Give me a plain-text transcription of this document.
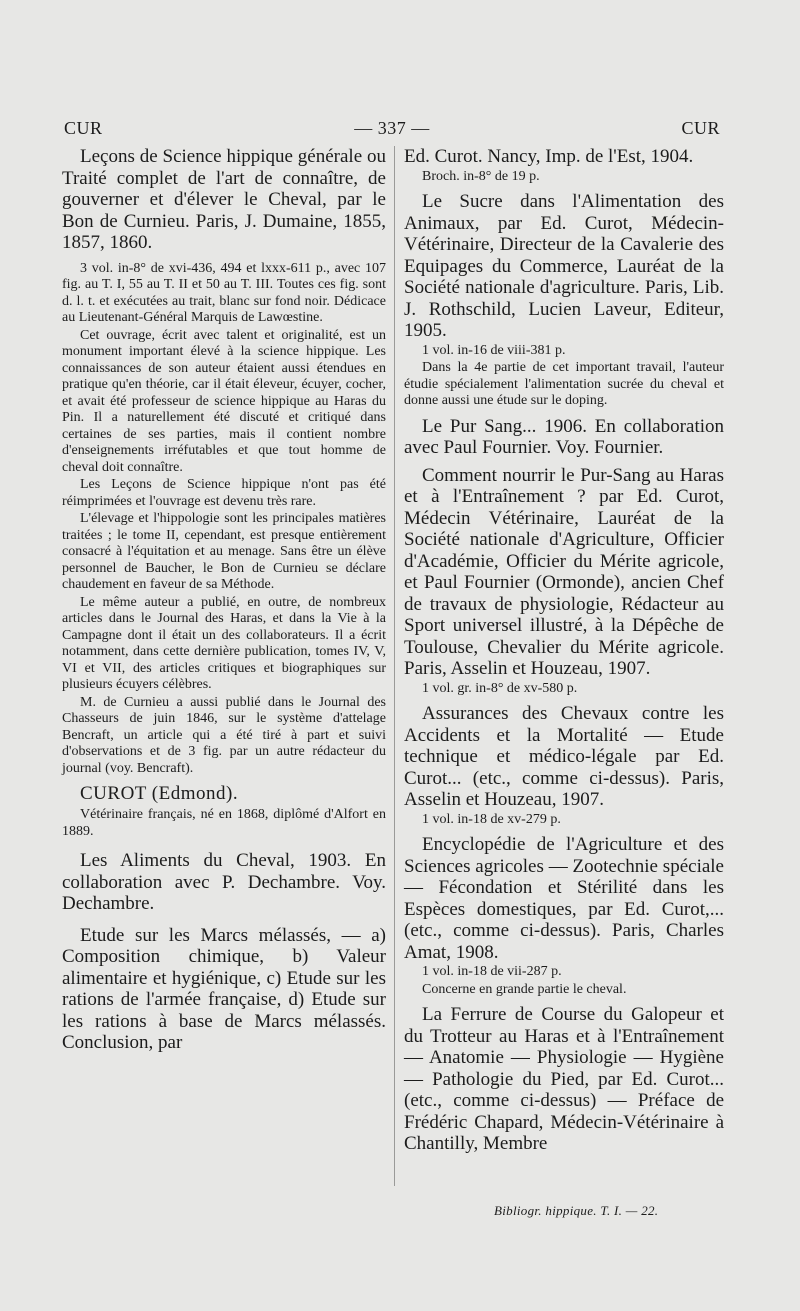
CUR	— 337 —	CUR

Leçons de Science hippique générale ou Traité complet de l'art de connaître, de gouverner et d'élever le Cheval, par le Bon de Curnieu. Paris, J. Dumaine, 1855, 1857, 1860.

3 vol. in-8° de xvi-436, 494 et lxxx-611 p., avec 107 fig. au T. I, 55 au T. II et 50 au T. III. Toutes ces fig. sont d. l. t. et exécutées au trait, blanc sur fond noir. Dédicace au Lieutenant-Général Marquis de Lawœstine.

Cet ouvrage, écrit avec talent et originalité, est un monument important élevé à la science hippique. Les connaissances de son auteur étaient aussi étendues en pratique qu'en théorie, car il était éleveur, écuyer, cocher, et avait été professeur de science hippique au Haras du Pin. Il a naturellement été discuté et critiqué dans certaines de ses parties, mais il contient nombre d'enseignements irréfutables et que tout homme de cheval doit connaître.

Les Leçons de Science hippique n'ont pas été réimprimées et l'ouvrage est devenu très rare.

L'élevage et l'hippologie sont les principales matières traitées ; le tome II, cependant, est presque entièrement consacré à l'équitation et au menage. Sans être un élève personnel de Baucher, le Bon de Curnieu se déclare chaudement en faveur de sa Méthode.

Le même auteur a publié, en outre, de nombreux articles dans le Journal des Haras, et dans la Vie à la Campagne dont il était un des collaborateurs. Il a écrit notamment, dans cette dernière publication, tomes IV, V, VI et VII, des articles critiques et biographiques sur plusieurs écuyers célèbres.

M. de Curnieu a aussi publié dans le Journal des Chasseurs de juin 1846, sur le système d'attelage Bencraft, un article qui a été tiré à part et suivi d'observations et de 3 fig. par un autre rédacteur du journal (voy. Bencraft).

CUROT (Edmond).

Vétérinaire français, né en 1868, diplômé d'Alfort en 1889.

Les Aliments du Cheval, 1903. En collaboration avec P. Dechambre. Voy. Dechambre.

Etude sur les Marcs mélassés, — a) Composition chimique, b) Valeur alimentaire et hygiénique, c) Etude sur les rations de l'armée française, d) Etude sur les rations à base de Marcs mélassés. Conclusion, par

Ed. Curot. Nancy, Imp. de l'Est, 1904.

Broch. in-8° de 19 p.

Le Sucre dans l'Alimentation des Animaux, par Ed. Curot, Médecin-Vétérinaire, Directeur de la Cavalerie des Equipages du Commerce, Lauréat de la Société nationale d'agriculture. Paris, Lib. J. Rothschild, Lucien Laveur, Editeur, 1905.

1 vol. in-16 de viii-381 p.

Dans la 4e partie de cet important travail, l'auteur étudie spécialement l'alimentation sucrée du cheval et donne aussi une étude sur le doping.

Le Pur Sang... 1906. En collaboration avec Paul Fournier. Voy. Fournier.

Comment nourrir le Pur-Sang au Haras et à l'Entraînement ? par Ed. Curot, Médecin Vétérinaire, Lauréat de la Société nationale d'Agriculture, Officier d'Académie, Officier du Mérite agricole, et Paul Fournier (Ormonde), ancien Chef de travaux de physiologie, Rédacteur au Sport universel illustré, à la Dépêche de Toulouse, Chevalier du Mérite agricole. Paris, Asselin et Houzeau, 1907.

1 vol. gr. in-8° de xv-580 p.

Assurances des Chevaux contre les Accidents et la Mortalité — Etude technique et médico-légale par Ed. Curot... (etc., comme ci-dessus). Paris, Asselin et Houzeau, 1907.

1 vol. in-18 de xv-279 p.

Encyclopédie de l'Agriculture et des Sciences agricoles — Zootechnie spéciale — Fécondation et Stérilité dans les Espèces domestiques, par Ed. Curot,...(etc., comme ci-dessus). Paris, Charles Amat, 1908.

1 vol. in-18 de vii-287 p.

Concerne en grande partie le cheval.

La Ferrure de Course du Galopeur et du Trotteur au Haras et à l'Entraînement — Anatomie — Physiologie — Hygiène — Pathologie du Pied, par Ed. Curot... (etc., comme ci-dessus) — Préface de Frédéric Chapard, Médecin-Vétérinaire à Chantilly, Membre

Bibliogr. hippique. T. I. — 22.
